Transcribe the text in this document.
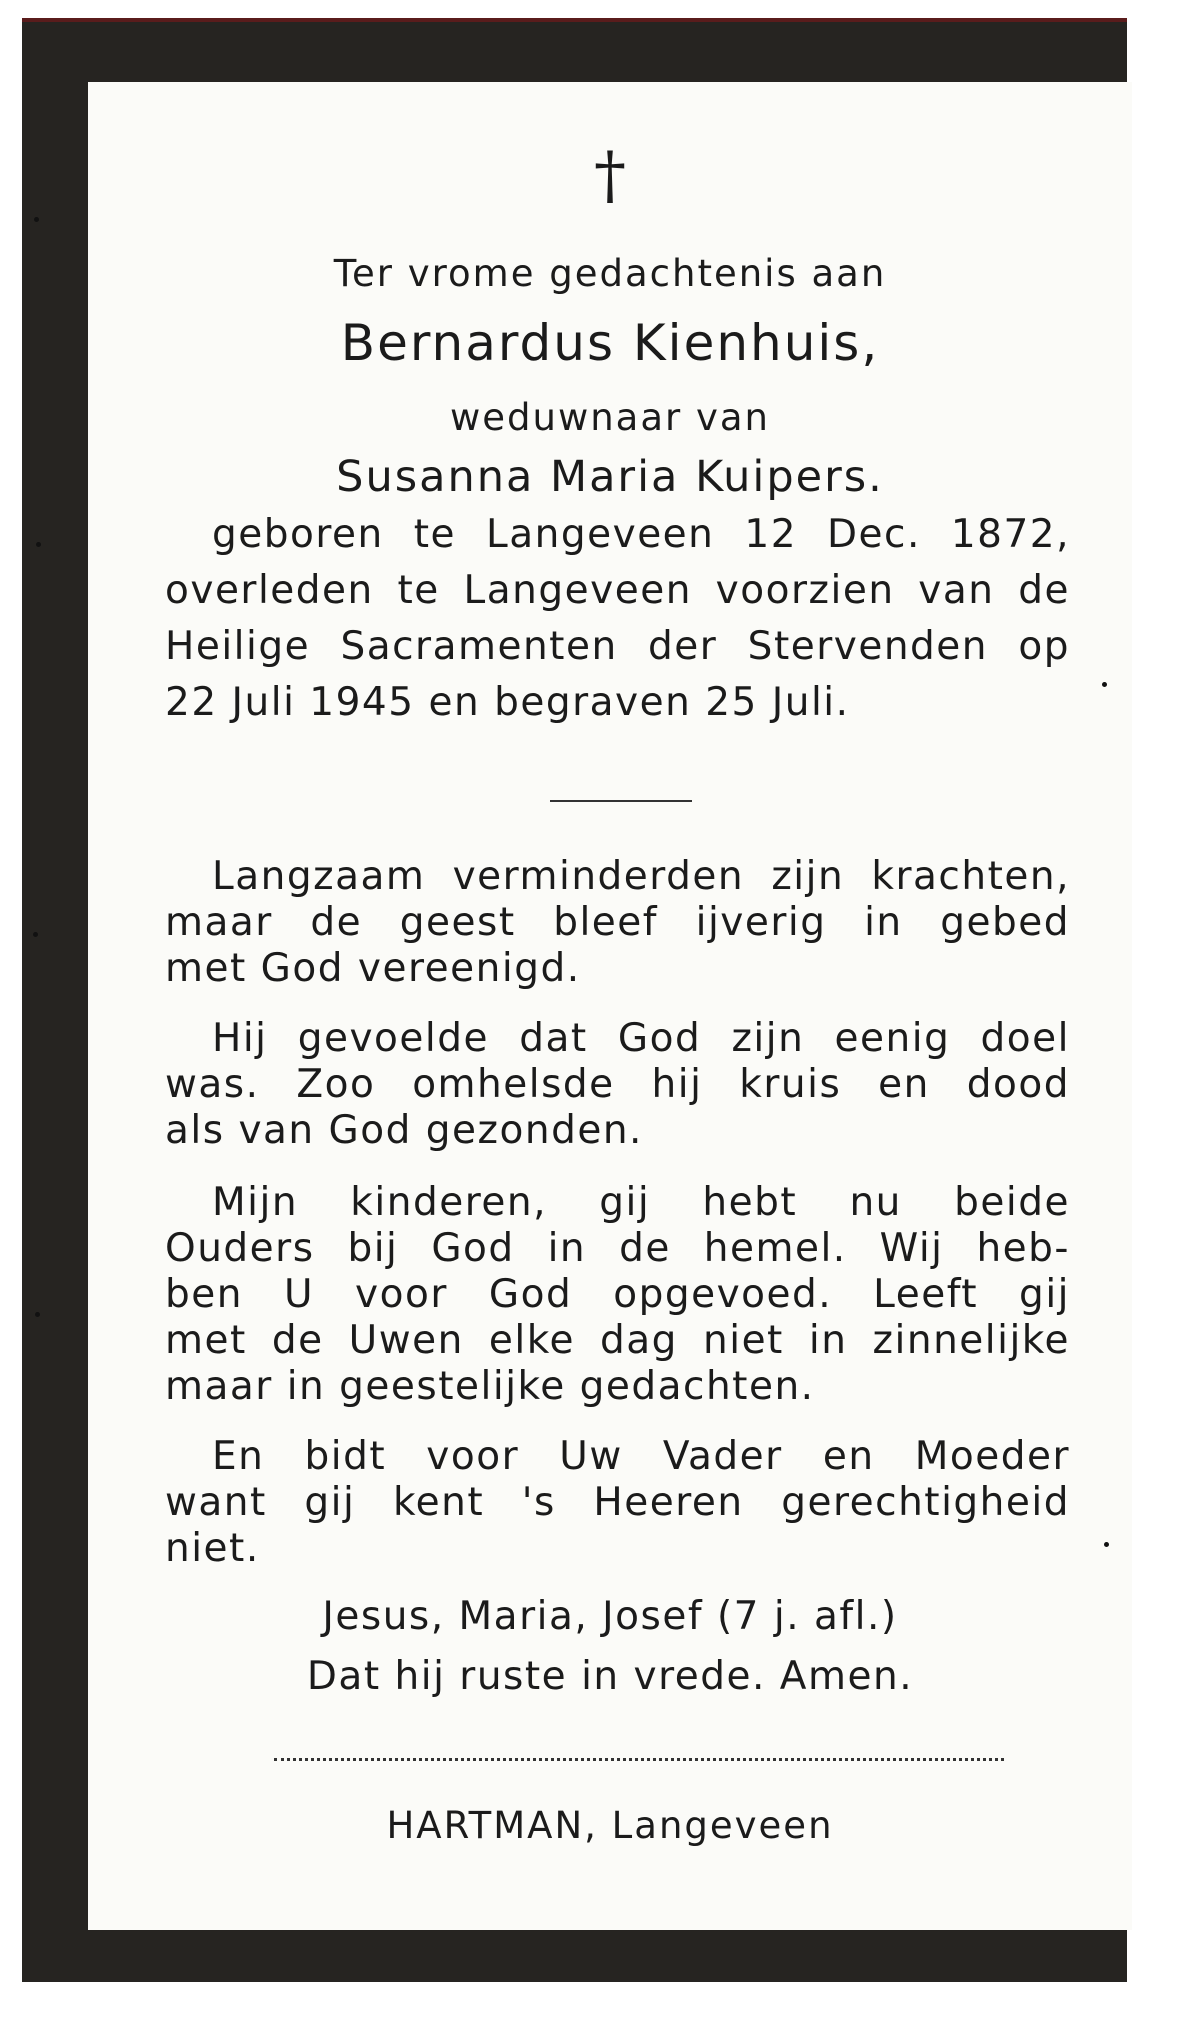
†
Ter vrome gedachtenis aan
Bernardus Kienhuis,
weduwnaar van
Susanna Maria Kuipers.
geboren te Langeveen 12 Dec. 1872,
overleden te Langeveen voorzien van de
Heilige Sacramenten der Stervenden op
22 Juli 1945 en begraven 25 Juli.
Langzaam verminderden zijn krachten,
maar de geest bleef ijverig in gebed
met God vereenigd.
Hij gevoelde dat God zijn eenig doel
was. Zoo omhelsde hij kruis en dood
als van God gezonden.
Mijn kinderen, gij hebt nu beide
Ouders bij God in de hemel. Wij heb-
ben U voor God opgevoed. Leeft gij
met de Uwen elke dag niet in zinnelijke
maar in geestelijke gedachten.
En bidt voor Uw Vader en Moeder
want gij kent 's Heeren gerechtigheid
niet.
Jesus, Maria, Josef (7 j. afl.)
Dat hij ruste in vrede. Amen.
HARTMAN, Langeveen
